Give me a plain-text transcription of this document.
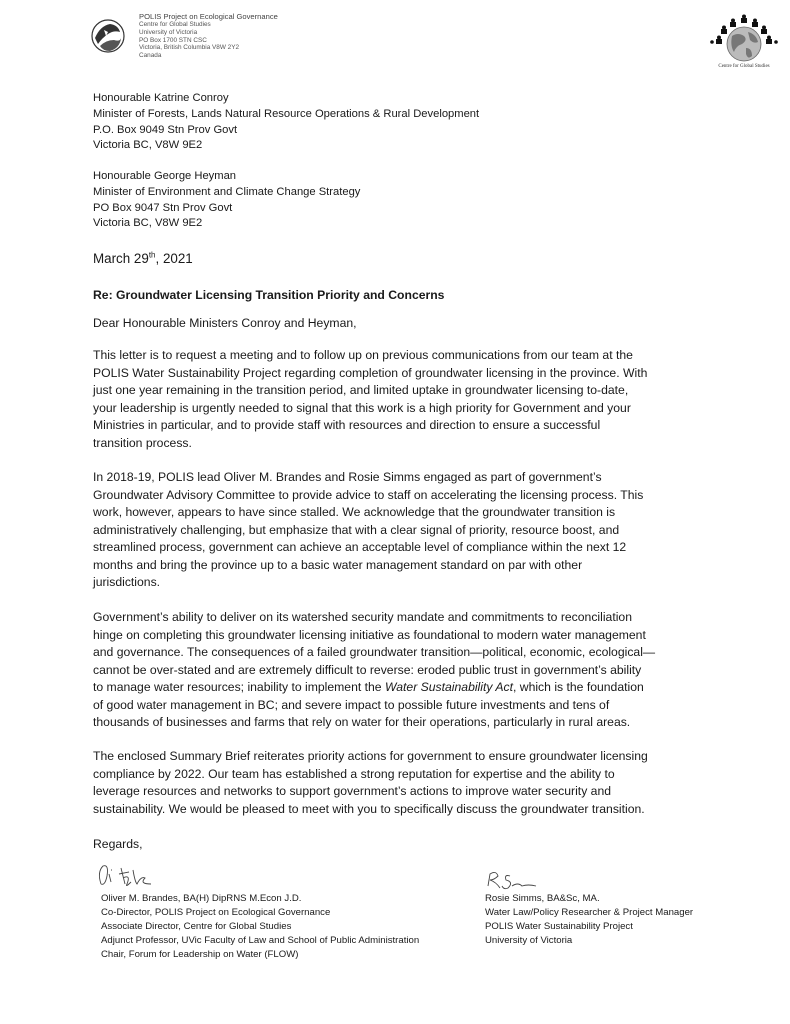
POLIS Project on Ecological Governance
Centre for Global Studies
University of Victoria
PO Box 1700 STN CSC
Victoria, British Columbia V8W 2Y2
Canada
Centre for Global Studies
Honourable Katrine Conroy
Minister of Forests, Lands Natural Resource Operations & Rural Development
P.O. Box 9049 Stn Prov Govt
Victoria BC, V8W 9E2
Honourable George Heyman
Minister of Environment and Climate Change Strategy
PO Box 9047 Stn Prov Govt
Victoria BC, V8W 9E2
March 29th, 2021
Re: Groundwater Licensing Transition Priority and Concerns
Dear Honourable Ministers Conroy and Heyman,
This letter is to request a meeting and to follow up on previous communications from our team at the
POLIS Water Sustainability Project regarding completion of groundwater licensing in the province. With
just one year remaining in the transition period, and limited uptake in groundwater licensing to-date,
your leadership is urgently needed to signal that this work is a high priority for Government and your
Ministries in particular, and to provide staff with resources and direction to ensure a successful
transition process.
In 2018-19, POLIS lead Oliver M. Brandes and Rosie Simms engaged as part of government’s
Groundwater Advisory Committee to provide advice to staff on accelerating the licensing process. This
work, however, appears to have since stalled. We acknowledge that the groundwater transition is
administratively challenging, but emphasize that with a clear signal of priority, resource boost, and
streamlined process, government can achieve an acceptable level of compliance within the next 12
months and bring the province up to a basic water management standard on par with other
jurisdictions.
Government’s ability to deliver on its watershed security mandate and commitments to reconciliation
hinge on completing this groundwater licensing initiative as foundational to modern water management
and governance. The consequences of a failed groundwater transition—political, economic, ecological—
cannot be over-stated and are extremely difficult to reverse: eroded public trust in government’s ability
to manage water resources; inability to implement the Water Sustainability Act, which is the foundation
of good water management in BC; and severe impact to possible future investments and tens of
thousands of businesses and farms that rely on water for their operations, particularly in rural areas.
The enclosed Summary Brief reiterates priority actions for government to ensure groundwater licensing
compliance by 2022. Our team has established a strong reputation for expertise and the ability to
leverage resources and networks to support government’s actions to improve water security and
sustainability. We would be pleased to meet with you to specifically discuss the groundwater transition.
Regards,
Oliver M. Brandes, BA(H) DipRNS M.Econ J.D.
Co-Director, POLIS Project on Ecological Governance
Associate Director, Centre for Global Studies
Adjunct Professor, UVic Faculty of Law and School of Public Administration
Chair, Forum for Leadership on Water (FLOW)
Rosie Simms, BA&Sc, MA.
Water Law/Policy Researcher & Project Manager
POLIS Water Sustainability Project
University of Victoria
